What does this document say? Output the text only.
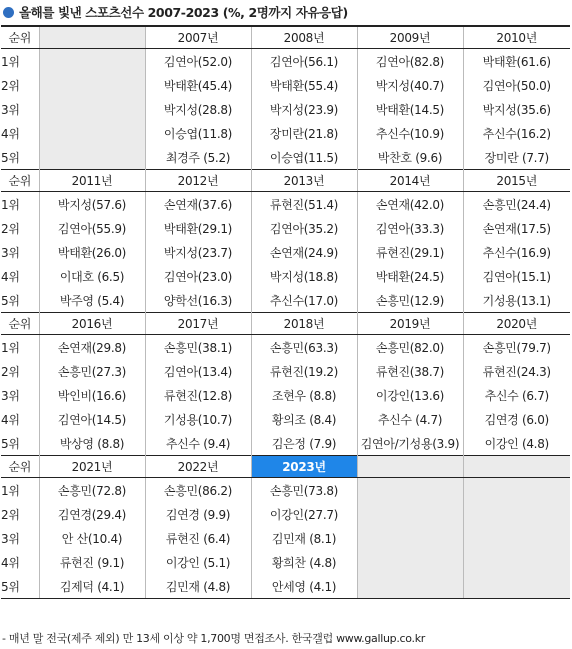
올해를 빛낸 스포츠선수 2007-2023 (%, 2명까지 자유응답)
순위		2007년	2008년	2009년	2010년
1위		김연아(52.0)	김연아(56.1)	김연아(82.8)	박태환(61.6)
2위		박태환(45.4)	박태환(55.4)	박지성(40.7)	김연아(50.0)
3위		박지성(28.8)	박지성(23.9)	박태환(14.5)	박지성(35.6)
4위		이승엽(11.8)	장미란(21.8)	추신수(10.9)	추신수(16.2)
5위		최경주 (5.2)	이승엽(11.5)	박찬호 (9.6)	장미란 (7.7)
순위	2011년	2012년	2013년	2014년	2015년
1위	박지성(57.6)	손연재(37.6)	류현진(51.4)	손연재(42.0)	손흥민(24.4)
2위	김연아(55.9)	박태환(29.1)	김연아(35.2)	김연아(33.3)	손연재(17.5)
3위	박태환(26.0)	박지성(23.7)	손연재(24.9)	류현진(29.1)	추신수(16.9)
4위	이대호 (6.5)	김연아(23.0)	박지성(18.8)	박태환(24.5)	김연아(15.1)
5위	박주영 (5.4)	양학선(16.3)	추신수(17.0)	손흥민(12.9)	기성용(13.1)
순위	2016년	2017년	2018년	2019년	2020년
1위	손연재(29.8)	손흥민(38.1)	손흥민(63.3)	손흥민(82.0)	손흥민(79.7)
2위	손흥민(27.3)	김연아(13.4)	류현진(19.2)	류현진(38.7)	류현진(24.3)
3위	박인비(16.6)	류현진(12.8)	조현우 (8.8)	이강인(13.6)	추신수 (6.7)
4위	김연아(14.5)	기성용(10.7)	황의조 (8.4)	추신수 (4.7)	김연경 (6.0)
5위	박상영 (8.8)	추신수 (9.4)	김은정 (7.9)	김연아/기성용(3.9)	이강인 (4.8)
순위	2021년	2022년	2023년		
1위	손흥민(72.8)	손흥민(86.2)	손흥민(73.8)		
2위	김연경(29.4)	김연경 (9.9)	이강인(27.7)		
3위	안 산(10.4)	류현진 (6.4)	김민재 (8.1)		
4위	류현진 (9.1)	이강인 (5.1)	황희찬 (4.8)		
5위	김제덕 (4.1)	김민재 (4.8)	안세영 (4.1)		
- 매년 말 전국(제주 제외) 만 13세 이상 약 1,700명 면접조사. 한국갤럽 www.gallup.co.kr
